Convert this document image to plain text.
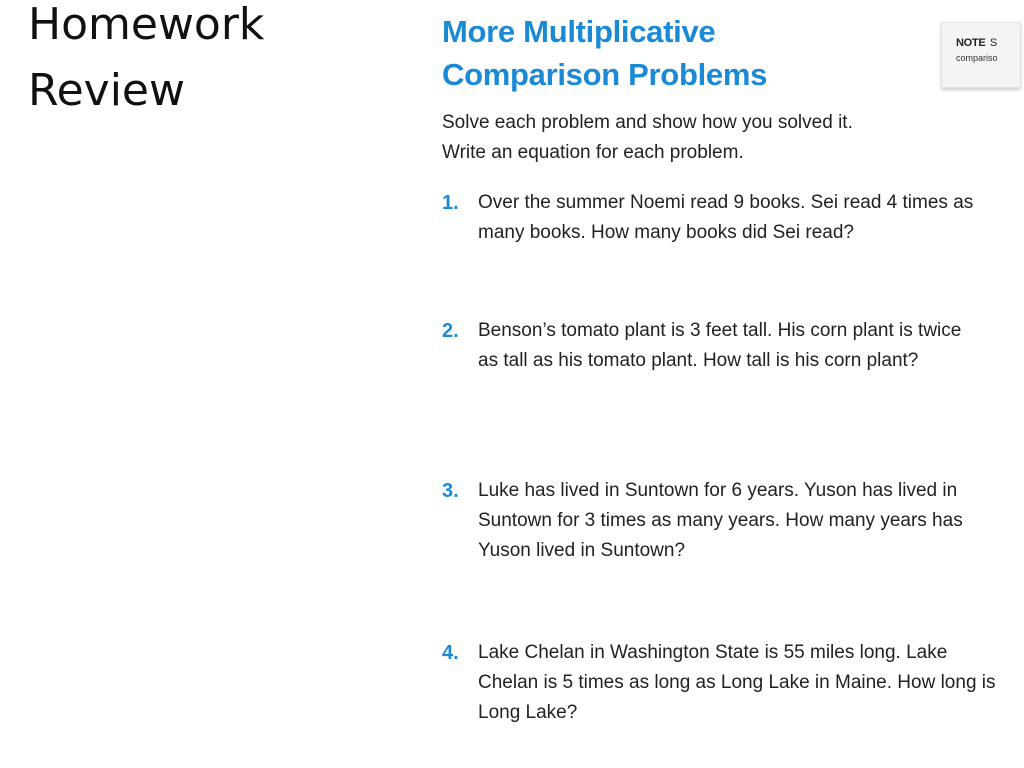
Homework
Review
More Multiplicative
Comparison Problems
NOTE S
compariso
Solve each problem and show how you solved it.
Write an equation for each problem.
1. Over the summer Noemi read 9 books. Sei read 4 times as many books. How many books did Sei read?
2. Benson’s tomato plant is 3 feet tall. His corn plant is twice as tall as his tomato plant. How tall is his corn plant?
3. Luke has lived in Suntown for 6 years. Yuson has lived in Suntown for 3 times as many years. How many years has Yuson lived in Suntown?
4. Lake Chelan in Washington State is 55 miles long. Lake Chelan is 5 times as long as Long Lake in Maine. How long is Long Lake?
